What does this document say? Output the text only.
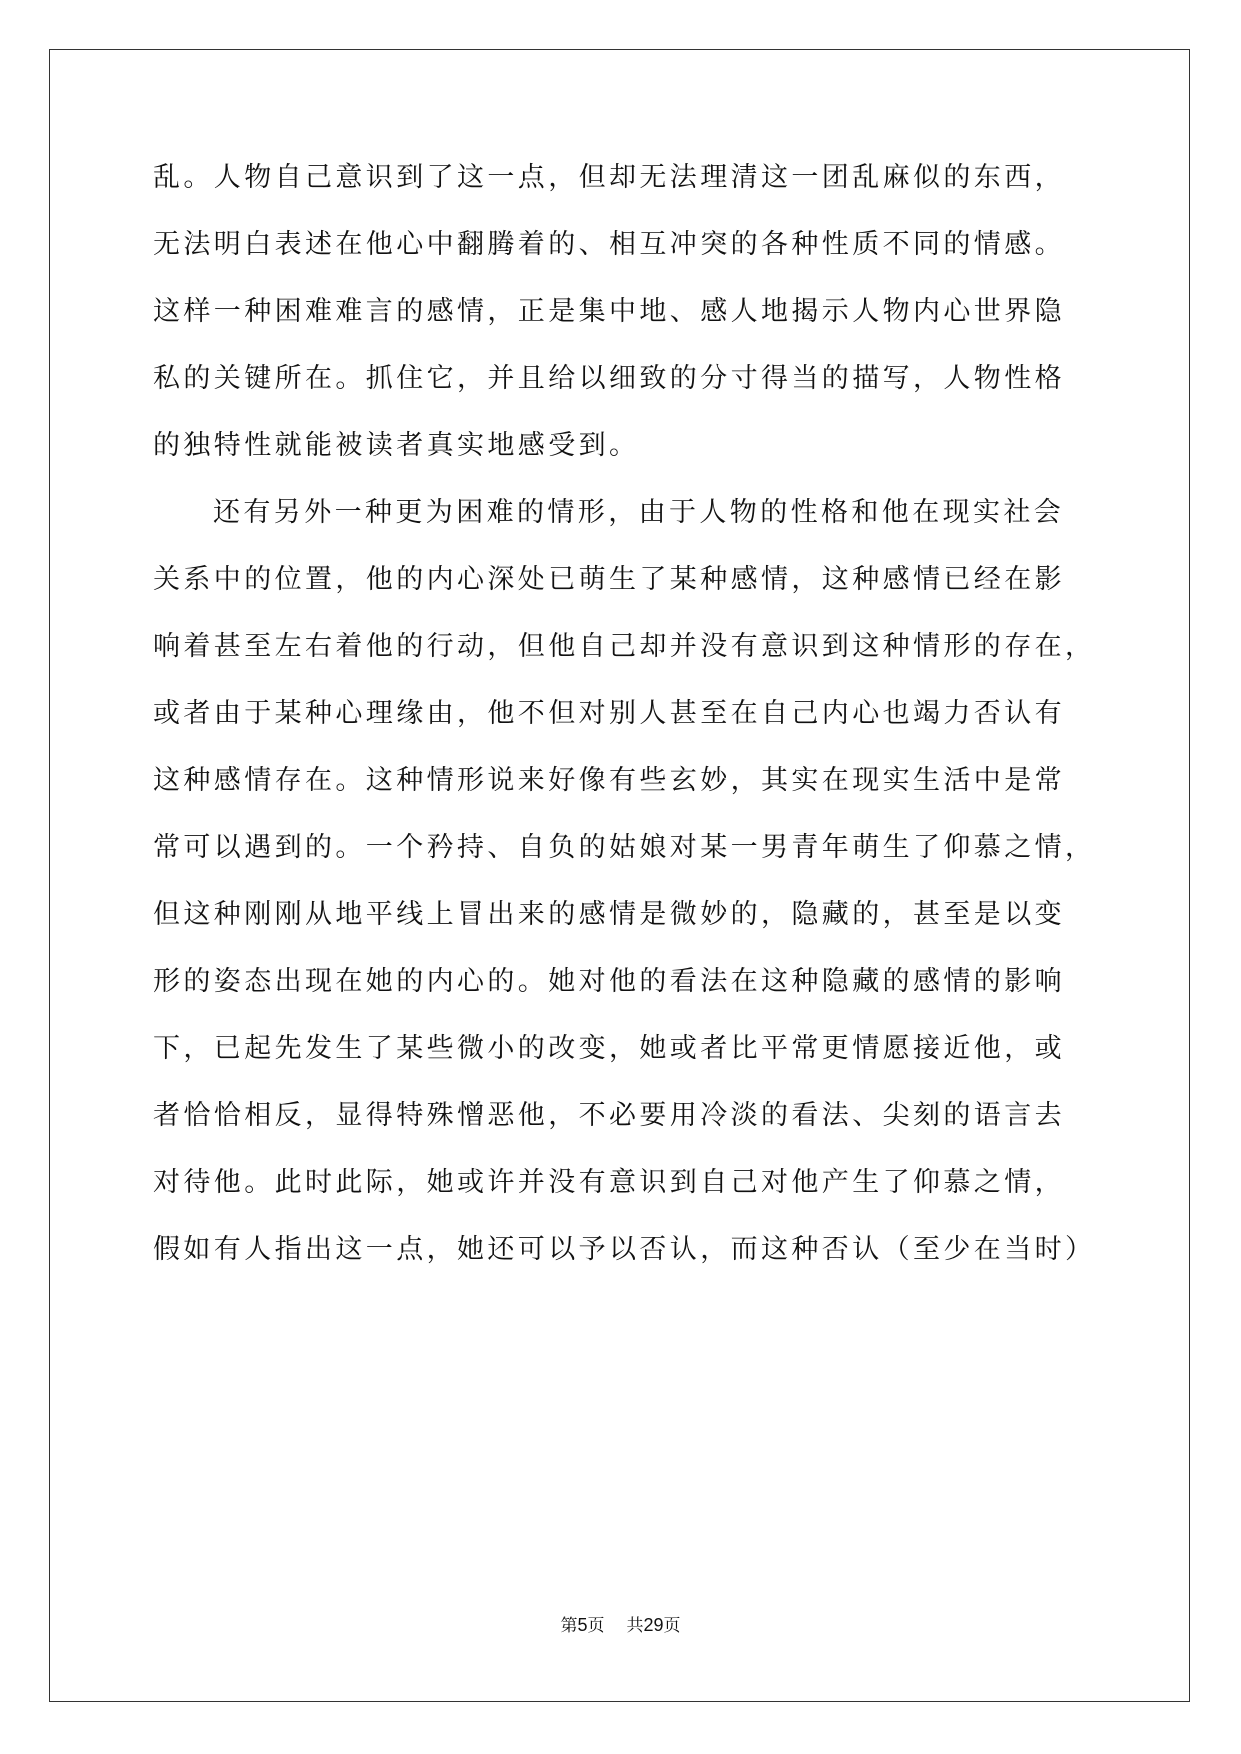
乱。人物自己意识到了这一点，但却无法理清这一团乱麻似的东西，
无法明白表述在他心中翻腾着的、相互冲突的各种性质不同的情感。
这样一种困难难言的感情，正是集中地、感人地揭示人物内心世界隐
私的关键所在。抓住它，并且给以细致的分寸得当的描写，人物性格
的独特性就能被读者真实地感受到。
还有另外一种更为困难的情形，由于人物的性格和他在现实社会
关系中的位置，他的内心深处已萌生了某种感情，这种感情已经在影
响着甚至左右着他的行动，但他自己却并没有意识到这种情形的存在，
或者由于某种心理缘由，他不但对别人甚至在自己内心也竭力否认有
这种感情存在。这种情形说来好像有些玄妙，其实在现实生活中是常
常可以遇到的。一个矜持、自负的姑娘对某一男青年萌生了仰慕之情，
但这种刚刚从地平线上冒出来的感情是微妙的，隐藏的，甚至是以变
形的姿态出现在她的内心的。她对他的看法在这种隐藏的感情的影响
下，已起先发生了某些微小的改变，她或者比平常更情愿接近他，或
者恰恰相反，显得特殊憎恶他，不必要用冷淡的看法、尖刻的语言去
对待他。此时此际，她或许并没有意识到自己对他产生了仰慕之情，
假如有人指出这一点，她还可以予以否认，而这种否认（至少在当时）
第5页 共29页
